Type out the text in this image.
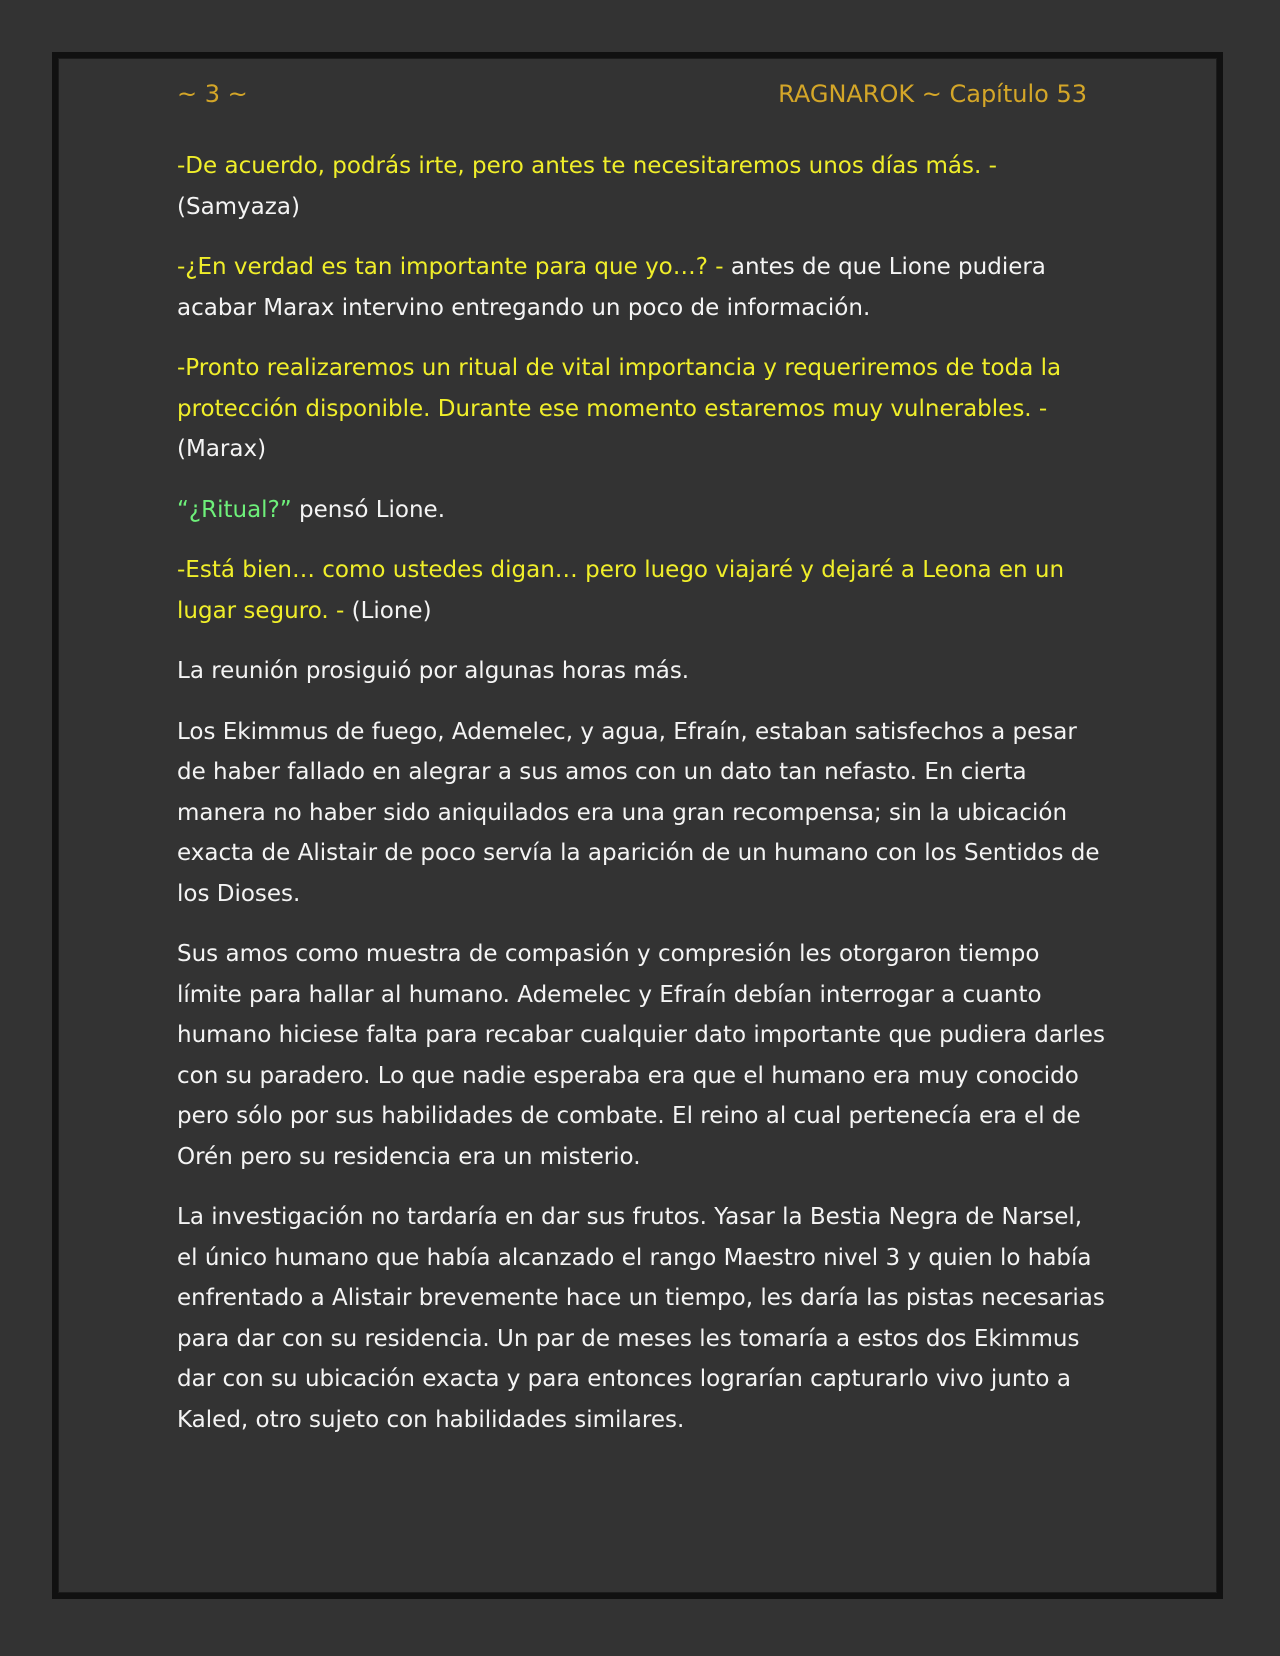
~ 3 ~	RAGNAROK ~ Capítulo 53

-De acuerdo, podrás irte, pero antes te necesitaremos unos días más. - (Samyaza)

-¿En verdad es tan importante para que yo…? - antes de que Lione pudiera acabar Marax intervino entregando un poco de información.

-Pronto realizaremos un ritual de vital importancia y requeriremos de toda la protección disponible. Durante ese momento estaremos muy vulnerables. - (Marax)

“¿Ritual?” pensó Lione.

-Está bien… como ustedes digan… pero luego viajaré y dejaré a Leona en un lugar seguro. - (Lione)

La reunión prosiguió por algunas horas más.

Los Ekimmus de fuego, Ademelec, y agua, Efraín, estaban satisfechos a pesar de haber fallado en alegrar a sus amos con un dato tan nefasto. En cierta manera no haber sido aniquilados era una gran recompensa; sin la ubicación exacta de Alistair de poco servía la aparición de un humano con los Sentidos de los Dioses.

Sus amos como muestra de compasión y compresión les otorgaron tiempo límite para hallar al humano. Ademelec y Efraín debían interrogar a cuanto humano hiciese falta para recabar cualquier dato importante que pudiera darles con su paradero. Lo que nadie esperaba era que el humano era muy conocido pero sólo por sus habilidades de combate. El reino al cual pertenecía era el de Orén pero su residencia era un misterio.

La investigación no tardaría en dar sus frutos. Yasar la Bestia Negra de Narsel, el único humano que había alcanzado el rango Maestro nivel 3 y quien lo había enfrentado a Alistair brevemente hace un tiempo, les daría las pistas necesarias para dar con su residencia. Un par de meses les tomaría a estos dos Ekimmus dar con su ubicación exacta y para entonces lograrían capturarlo vivo junto a Kaled, otro sujeto con habilidades similares.
